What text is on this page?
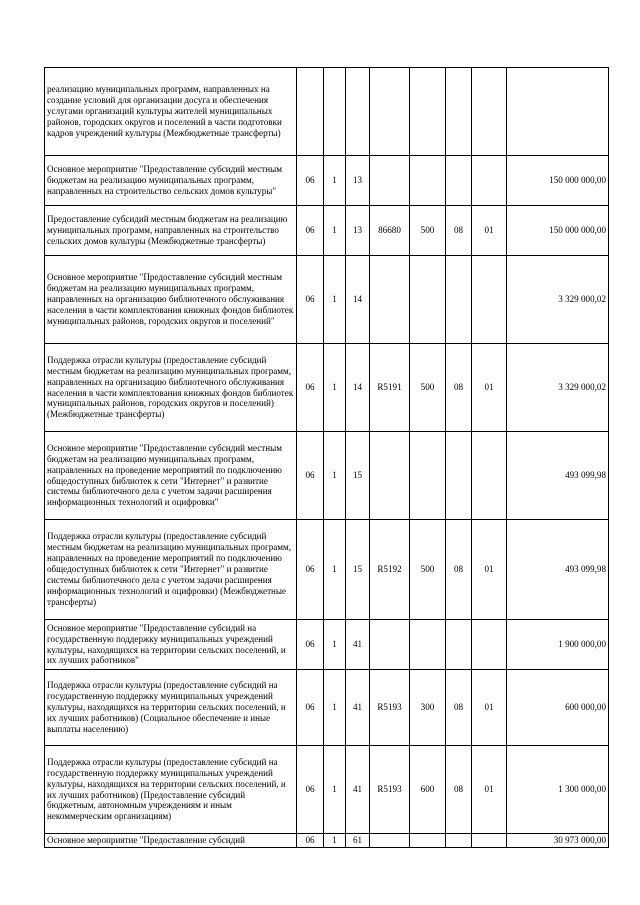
реализацию муниципальных программ, направленных на создание условий для организации досуга и обеспечения услугами организаций культуры жителей муниципальных районов, городских округов и поселений в части подготовки кадров учреждений культуры (Межбюджетные трансферты)								
Основное мероприятие "Предоставление субсидий местным бюджетам на реализацию муниципальных программ, направленных на строительство сельских домов культуры"	06	1	13					150 000 000,00
Предоставление субсидий местным бюджетам на реализацию муниципальных программ, направленных на строительство сельских домов культуры (Межбюджетные трансферты)	06	1	13	86680	500	08	01	150 000 000,00
Основное мероприятие "Предоставление субсидий местным бюджетам на реализацию муниципальных программ, направленных на организацию библиотечного обслуживания населения в части комплектования книжных фондов библиотек муниципальных районов, городских округов и поселений"	06	1	14					3 329 000,02
Поддержка отрасли культуры (предоставление субсидий местным бюджетам на реализацию муниципальных программ, направленных на организацию библиотечного обслуживания населения в части комплектования книжных фондов библиотек муниципальных районов, городских округов и поселений) (Межбюджетные трансферты)	06	1	14	R5191	500	08	01	3 329 000,02
Основное мероприятие "Предоставление субсидий местным бюджетам на реализацию муниципальных программ, направленных на проведение мероприятий по подключению общедоступных библиотек к сети "Интернет" и развитие системы библиотечного дела с учетом задачи расширения информационных технологий и оцифровки"	06	1	15					493 099,98
Поддержка отрасли культуры (предоставление субсидий местным бюджетам на реализацию муниципальных программ, направленных на проведение мероприятий по подключению общедоступных библиотек к сети "Интернет" и развитие системы библиотечного дела с учетом задачи расширения информационных технологий и оцифровки) (Межбюджетные трансферты)	06	1	15	R5192	500	08	01	493 099,98
Основное мероприятие "Предоставление субсидий на государственную поддержку муниципальных учреждений культуры, находящихся на территории сельских поселений, и их лучших работников"	06	1	41					1 900 000,00
Поддержка отрасли культуры (предоставление субсидий на государственную поддержку муниципальных учреждений культуры, находящихся на территории сельских поселений, и их лучших работников) (Социальное обеспечение и иные выплаты населению)	06	1	41	R5193	300	08	01	600 000,00
Поддержка отрасли культуры (предоставление субсидий на государственную поддержку муниципальных учреждений культуры, находящихся на территории сельских поселений, и их лучших работников) (Предоставление субсидий бюджетным, автономным учреждениям и иным некоммерческим организациям)	06	1	41	R5193	600	08	01	1 300 000,00
Основное мероприятие "Предоставление субсидий	06	1	61					30 973 000,00
